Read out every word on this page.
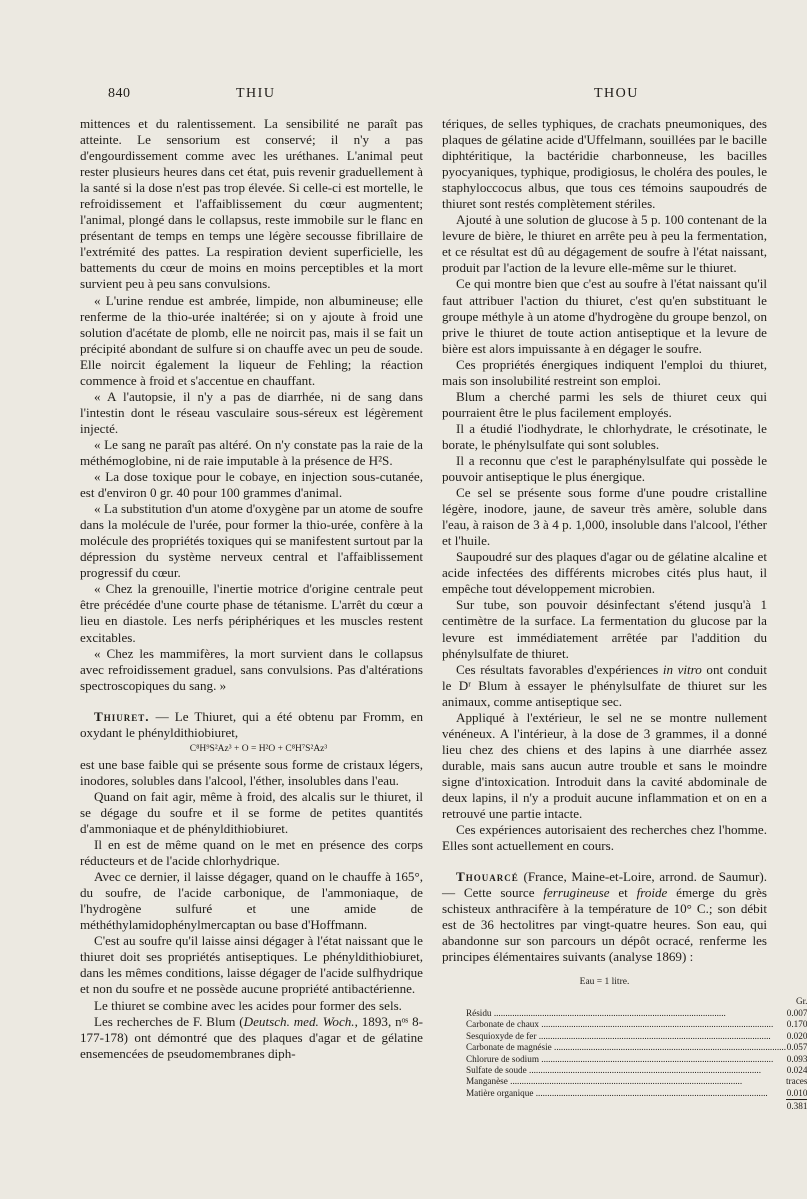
840	THIU	THOU

mittences et du ralentissement. La sensibilité ne paraît pas atteinte. Le sensorium est conservé; il n'y a pas d'engourdissement comme avec les uréthanes. L'animal peut rester plusieurs heures dans cet état, puis revenir graduellement à la santé si la dose n'est pas trop élevée. Si celle-ci est mortelle, le refroidissement et l'affaiblissement du cœur augmentent; l'animal, plongé dans le collapsus, reste immobile sur le flanc en présentant de temps en temps une légère secousse fibrillaire de l'extrémité des pattes. La respiration devient superficielle, les battements du cœur de moins en moins perceptibles et la mort survient peu à peu sans convulsions.

« L'urine rendue est ambrée, limpide, non albumineuse; elle renferme de la thio-urée inaltérée; si on y ajoute à froid une solution d'acétate de plomb, elle ne noircit pas, mais il se fait un précipité abondant de sulfure si on chauffe avec un peu de soude. Elle noircit également la liqueur de Fehling; la réaction commence à froid et s'accentue en chauffant.

« A l'autopsie, il n'y a pas de diarrhée, ni de sang dans l'intestin dont le réseau vasculaire sous-séreux est légèrement injecté.

« Le sang ne paraît pas altéré. On n'y constate pas la raie de la méthémoglobine, ni de raie imputable à la présence de H²S.

« La dose toxique pour le cobaye, en injection sous-cutanée, est d'environ 0 gr. 40 pour 100 grammes d'animal.

« La substitution d'un atome d'oxygène par un atome de soufre dans la molécule de l'urée, pour former la thio-urée, confère à la molécule des propriétés toxiques qui se manifestent surtout par la dépression du système nerveux central et l'affaiblissement progressif du cœur.

« Chez la grenouille, l'inertie motrice d'origine centrale peut être précédée d'une courte phase de tétanisme. L'arrêt du cœur a lieu en diastole. Les nerfs périphériques et les muscles restent excitables.

« Chez les mammifères, la mort survient dans le collapsus avec refroidissement graduel, sans convulsions. Pas d'altérations spectroscopiques du sang. »

Thiuret. — Le Thiuret, qui a été obtenu par Fromm, en oxydant le phényldithiobiuret,

C⁸H⁹S²Az³ + O = H²O + C⁸H⁷S²Az³

est une base faible qui se présente sous forme de cristaux légers, inodores, solubles dans l'alcool, l'éther, insolubles dans l'eau.

Quand on fait agir, même à froid, des alcalis sur le thiuret, il se dégage du soufre et il se forme de petites quantités d'ammoniaque et de phényldithiobiuret.

Il en est de même quand on le met en présence des corps réducteurs et de l'acide chlorhydrique.

Avec ce dernier, il laisse dégager, quand on le chauffe à 165°, du soufre, de l'acide carbonique, de l'ammoniaque, de l'hydrogène sulfuré et une amide de méthéthylamidophénylmercaptan ou base d'Hoffmann.

C'est au soufre qu'il laisse ainsi dégager à l'état naissant que le thiuret doit ses propriétés antiseptiques. Le phényldithiobiuret, dans les mêmes conditions, laisse dégager de l'acide sulfhydrique et non du soufre et ne possède aucune propriété antibactérienne.

Le thiuret se combine avec les acides pour former des sels.

Les recherches de F. Blum (Deutsch. med. Woch., 1893, nᵒˢ 8-177-178) ont démontré que des plaques d'agar et de gélatine ensemencées de pseudomembranes diph-

tériques, de selles typhiques, de crachats pneumoniques, des plaques de gélatine acide d'Uffelmann, souillées par le bacille diphtéritique, la bactéridie charbonneuse, les bacilles pyocyaniques, typhique, prodigiosus, le choléra des poules, le staphyloccocus albus, que tous ces témoins saupoudrés de thiuret sont restés complètement stériles.

Ajouté à une solution de glucose à 5 p. 100 contenant de la levure de bière, le thiuret en arrête peu à peu la fermentation, et ce résultat est dû au dégagement de soufre à l'état naissant, produit par l'action de la levure elle-même sur le thiuret.

Ce qui montre bien que c'est au soufre à l'état naissant qu'il faut attribuer l'action du thiuret, c'est qu'en substituant le groupe méthyle à un atome d'hydrogène du groupe benzol, on prive le thiuret de toute action antiseptique et la levure de bière est alors impuissante à en dégager le soufre.

Ces propriétés énergiques indiquent l'emploi du thiuret, mais son insolubilité restreint son emploi.

Blum a cherché parmi les sels de thiuret ceux qui pourraient être le plus facilement employés.

Il a étudié l'iodhydrate, le chlorhydrate, le crésotinate, le borate, le phénylsulfate qui sont solubles.

Il a reconnu que c'est le paraphénylsulfate qui possède le pouvoir antiseptique le plus énergique.

Ce sel se présente sous forme d'une poudre cristalline légère, inodore, jaune, de saveur très amère, soluble dans l'eau, à raison de 3 à 4 p. 1,000, insoluble dans l'alcool, l'éther et l'huile.

Saupoudré sur des plaques d'agar ou de gélatine alcaline et acide infectées des différents microbes cités plus haut, il empêche tout développement microbien.

Sur tube, son pouvoir désinfectant s'étend jusqu'à 1 centimètre de la surface. La fermentation du glucose par la levure est immédiatement arrêtée par l'addition du phénylsulfate de thiuret.

Ces résultats favorables d'expériences in vitro ont conduit le Dʳ Blum à essayer le phénylsulfate de thiuret sur les animaux, comme antiseptique sec.

Appliqué à l'extérieur, le sel ne se montre nullement vénéneux. A l'intérieur, à la dose de 3 grammes, il a donné lieu chez des chiens et des lapins à une diarrhée assez durable, mais sans aucun autre trouble et sans le moindre signe d'intoxication. Introduit dans la cavité abdominale de deux lapins, il n'y a produit aucune inflammation et on en a retrouvé une partie intacte.

Ces expériences autorisaient des recherches chez l'homme. Elles sont actuellement en cours.

Thouarcé (France, Maine-et-Loire, arrond. de Saumur). — Cette source ferrugineuse et froide émerge du grès schisteux anthracifère à la température de 10° C.; son débit est de 36 hectolitres par vingt-quatre heures. Son eau, qui abandonne sur son parcours un dépôt ocracé, renferme les principes élémentaires suivants (analyse 1869) :

Eau = 1 litre.
	Gr.

Résidu .....	0.007

Carbonate de chaux .....	0.170

Sesquioxyde de fer .....	0.020

Carbonate de magnésie .....	0.057

Chlorure de sodium .....	0.093

Sulfate de soude .....	0.024

Manganèse .....	traces

Matière organique .....	0.010
	0.381
